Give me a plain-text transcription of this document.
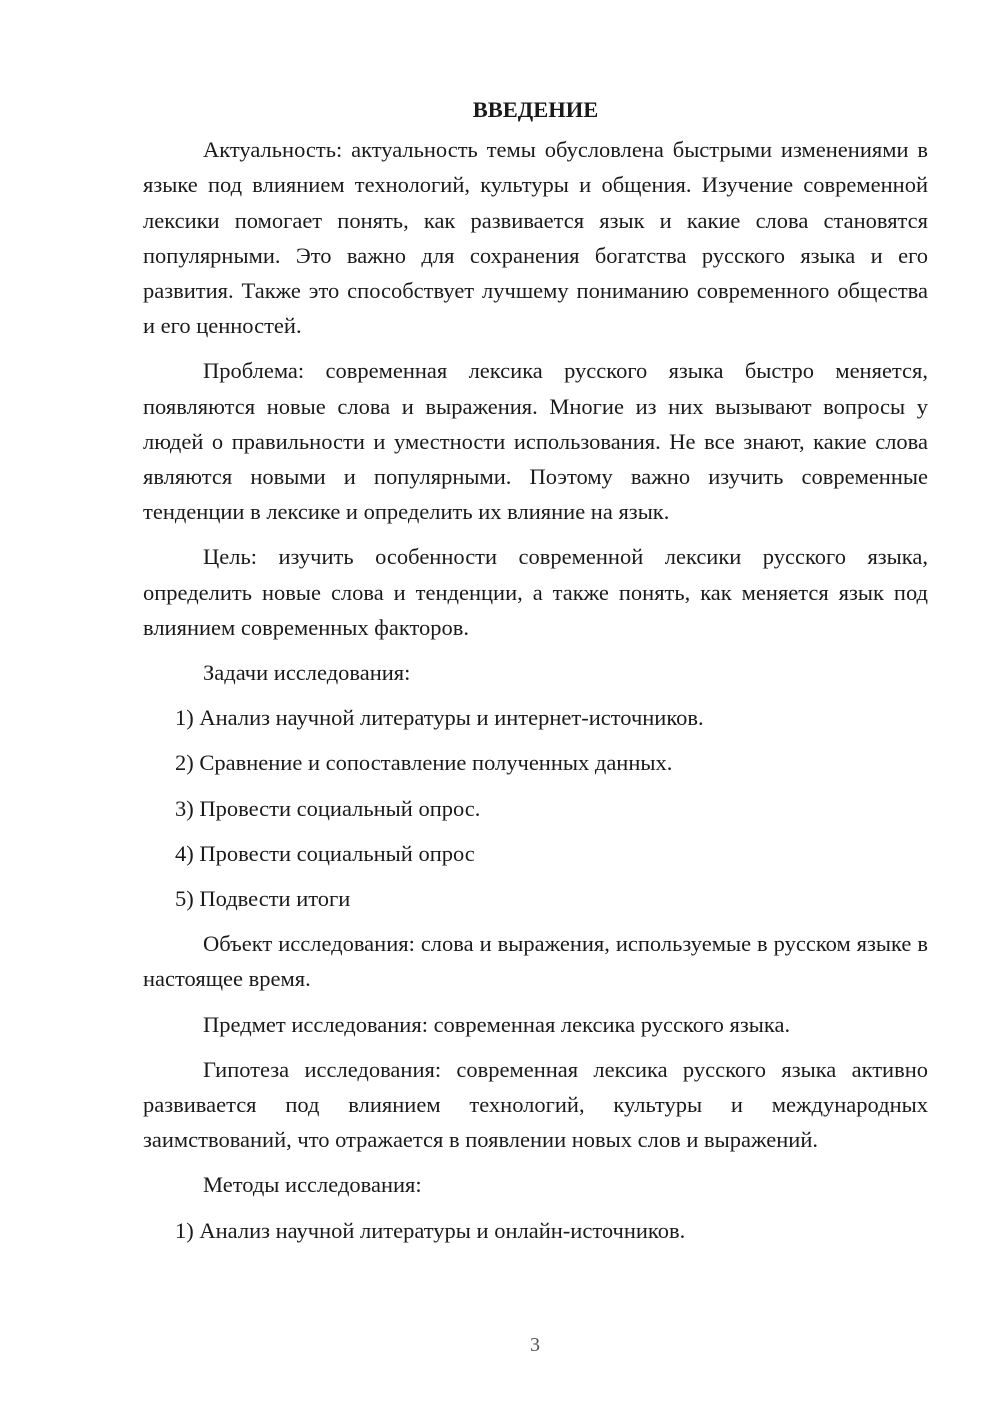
ВВЕДЕНИЕ

Актуальность: актуальность темы обусловлена быстрыми изменениями в языке под влиянием технологий, культуры и общения. Изучение современной лексики помогает понять, как развивается язык и какие слова становятся популярными. Это важно для сохранения богатства русского языка и его развития. Также это способствует лучшему пониманию современного общества и его ценностей.

Проблема: современная лексика русского языка быстро меняется, появляются новые слова и выражения. Многие из них вызывают вопросы у людей о правильности и уместности использования. Не все знают, какие слова являются новыми и популярными. Поэтому важно изучить современные тенденции в лексике и определить их влияние на язык.

Цель: изучить особенности современной лексики русского языка, определить новые слова и тенденции, а также понять, как меняется язык под влиянием современных факторов.

Задачи исследования:

1) Анализ научной литературы и интернет-источников.
2) Сравнение и сопоставление полученных данных.
3) Провести социальный опрос.
4) Провести социальный опрос
5) Подвести итоги

Объект исследования: слова и выражения, используемые в русском языке в настоящее время.

Предмет исследования: современная лексика русского языка.

Гипотеза исследования: современная лексика русского языка активно развивается под влиянием технологий, культуры и международных заимствований, что отражается в появлении новых слов и выражений.

Методы исследования:

1) Анализ научной литературы и онлайн-источников.
3
